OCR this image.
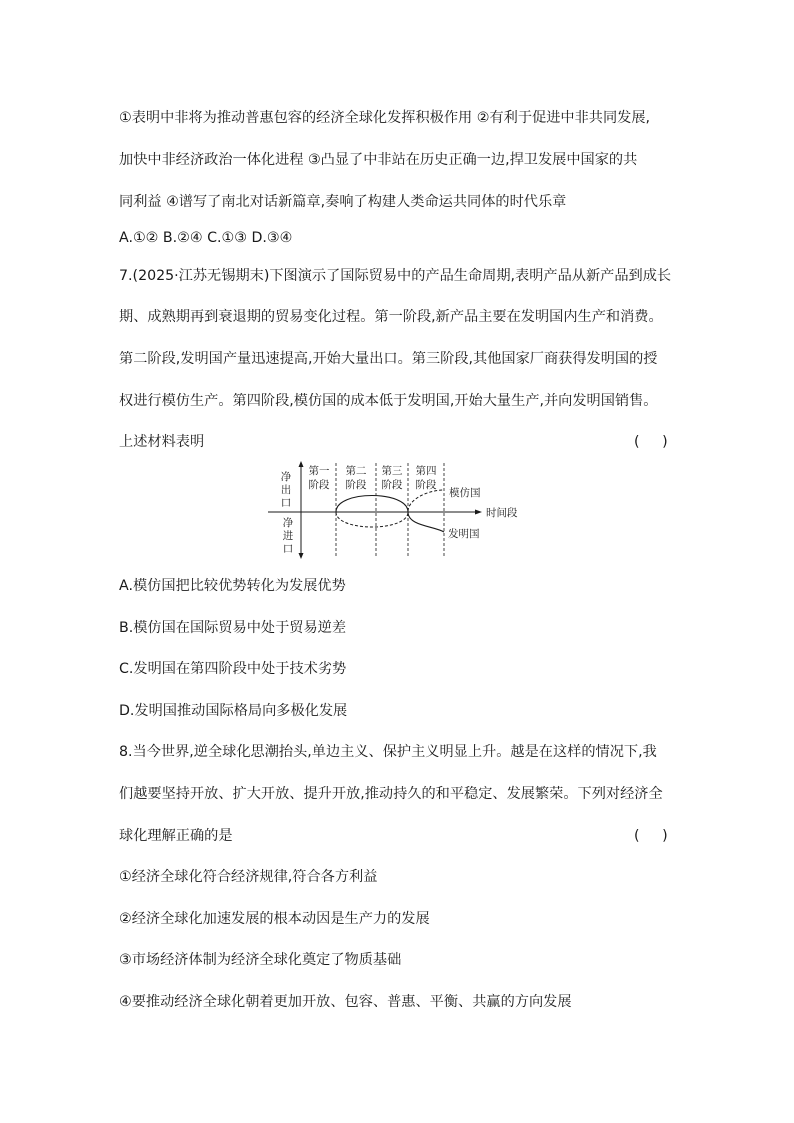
①表明中非将为推动普惠包容的经济全球化发挥积极作用 ②有利于促进中非共同发展,
加快中非经济政治一体化进程 ③凸显了中非站在历史正确一边,捍卫发展中国家的共
同利益 ④谱写了南北对话新篇章,奏响了构建人类命运共同体的时代乐章
A.①② B.②④ C.①③ D.③④
7.(2025·江苏无锡期末)下图演示了国际贸易中的产品生命周期,表明产品从新产品到成长
期、成熟期再到衰退期的贸易变化过程。第一阶段,新产品主要在发明国内生产和消费。
第二阶段,发明国产量迅速提高,开始大量出口。第三阶段,其他国家厂商获得发明国的授
权进行模仿生产。第四阶段,模仿国的成本低于发明国,开始大量生产,并向发明国销售。
上述材料表明	(     )
净
出
口
净
进
口
第一
阶段
第二
阶段
第三
阶段
第四
阶段
模仿国
时间段
发明国
A.模仿国把比较优势转化为发展优势
B.模仿国在国际贸易中处于贸易逆差
C.发明国在第四阶段中处于技术劣势
D.发明国推动国际格局向多极化发展
8.当今世界,逆全球化思潮抬头,单边主义、保护主义明显上升。越是在这样的情况下,我
们越要坚持开放、扩大开放、提升开放,推动持久的和平稳定、发展繁荣。下列对经济全
球化理解正确的是	(     )
①经济全球化符合经济规律,符合各方利益
②经济全球化加速发展的根本动因是生产力的发展
③市场经济体制为经济全球化奠定了物质基础
④要推动经济全球化朝着更加开放、包容、普惠、平衡、共赢的方向发展
